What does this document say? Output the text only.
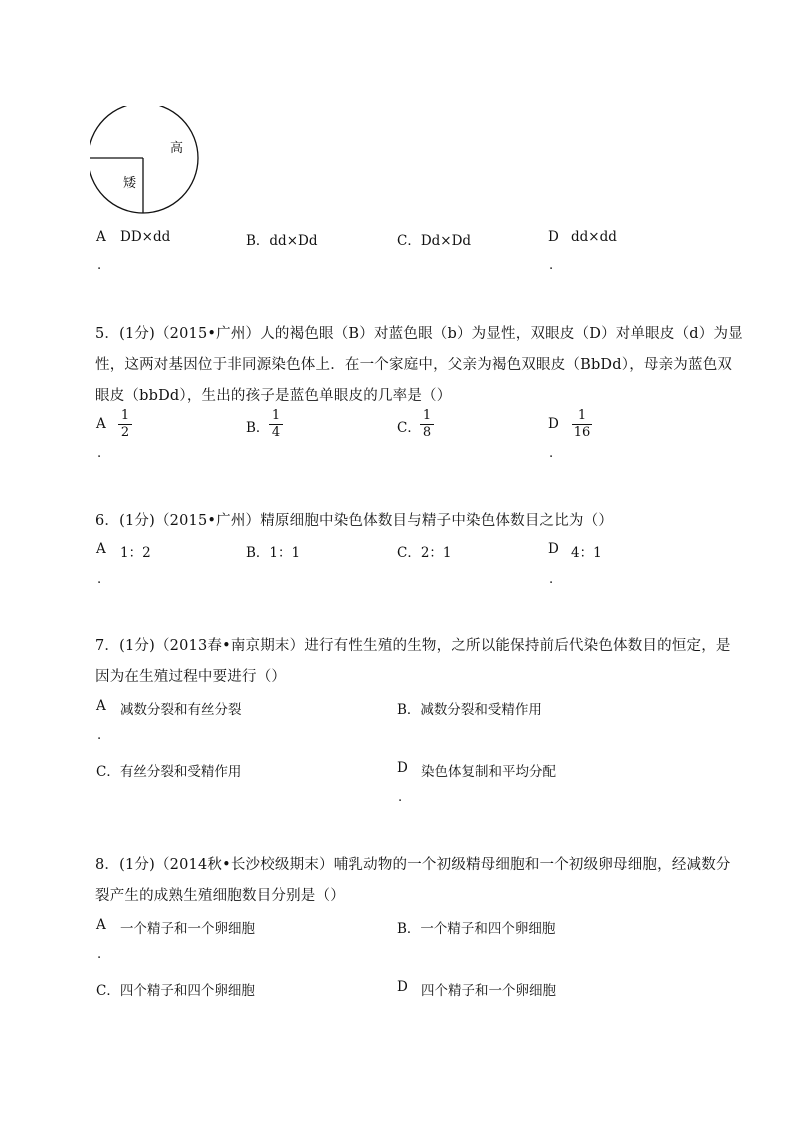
高
矮
A DD×dd
.
B．dd×Dd	C．Dd×Dd	D dd×dd
.
5．(1分)（2015•广州）人的褐色眼（B）对蓝色眼（b）为显性，双眼皮（D）对单眼皮（d）为显
性，这两对基因位于非同源染色体上．在一个家庭中，父亲为褐色双眼皮（BbDd），母亲为蓝色双
眼皮（bbDd），生出的孩子是蓝色单眼皮的几率是（）
A
1
2
.
B．
1
4	C．
1
8
D
1
16
.
6．(1分)（2015•广州）精原细胞中染色体数目与精子中染色体数目之比为（）
A 1：2
.
B．1：1	C．2：1	D 4：1
.
7．(1分)（2013春•南京期末）进行有性生殖的生物，之所以能保持前后代染色体数目的恒定，是
因为在生殖过程中要进行（）
A 减数分裂和有丝分裂
.
B．减数分裂和受精作用
C．有丝分裂和受精作用	D 染色体复制和平均分配
.
8．(1分)（2014秋•长沙校级期末）哺乳动物的一个初级精母细胞和一个初级卵母细胞，经减数分
裂产生的成熟生殖细胞数目分别是（）
A 一个精子和一个卵细胞
.
B．一个精子和四个卵细胞
C．四个精子和四个卵细胞	D 四个精子和一个卵细胞
